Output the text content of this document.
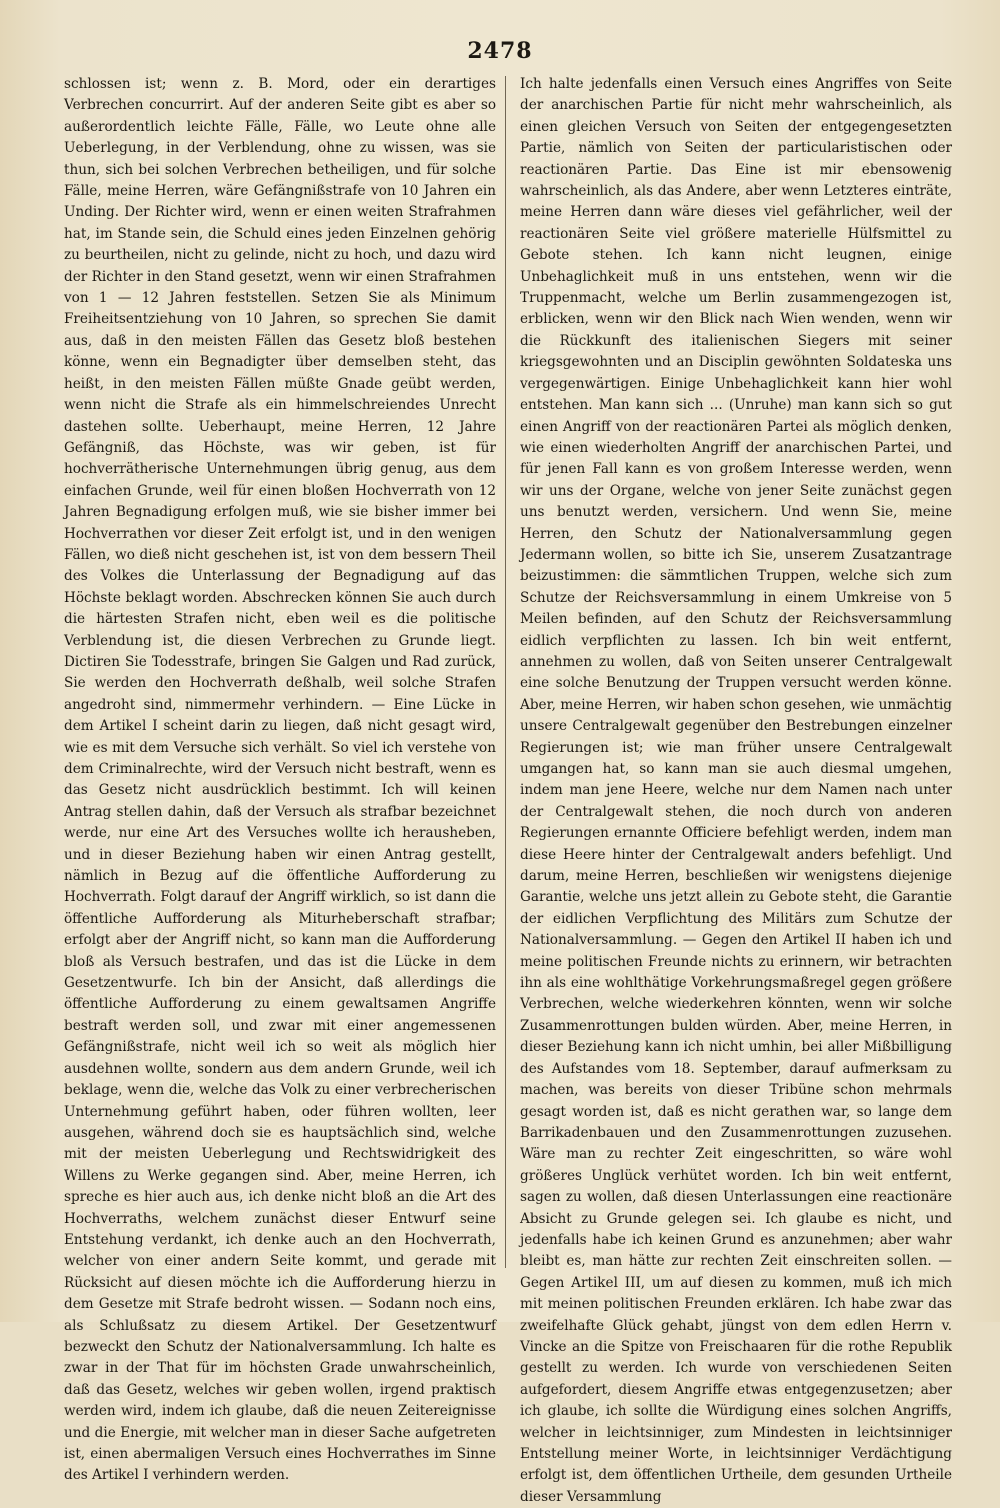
2478

schlossen ist; wenn z. B. Mord, oder ein derartiges Verbrechen concurrirt. Auf der anderen Seite gibt es aber so außerordentlich leichte Fälle, Fälle, wo Leute ohne alle Ueberlegung, in der Verblendung, ohne zu wissen, was sie thun, sich bei solchen Verbrechen betheiligen, und für solche Fälle, meine Herren, wäre Gefängnißstrafe von 10 Jahren ein Unding. Der Richter wird, wenn er einen weiten Strafrahmen hat, im Stande sein, die Schuld eines jeden Einzelnen gehörig zu beurtheilen, nicht zu gelinde, nicht zu hoch, und dazu wird der Richter in den Stand gesetzt, wenn wir einen Strafrahmen von 1 — 12 Jahren feststellen. Setzen Sie als Minimum Freiheitsentziehung von 10 Jahren, so sprechen Sie damit aus, daß in den meisten Fällen das Gesetz bloß bestehen könne, wenn ein Begnadigter über demselben steht, das heißt, in den meisten Fällen müßte Gnade geübt werden, wenn nicht die Strafe als ein himmelschreiendes Unrecht dastehen sollte. Ueberhaupt, meine Herren, 12 Jahre Gefängniß, das Höchste, was wir geben, ist für hochverrätherische Unternehmungen übrig genug, aus dem einfachen Grunde, weil für einen bloßen Hochverrath von 12 Jahren Begnadigung erfolgen muß, wie sie bisher immer bei Hochverrathen vor dieser Zeit erfolgt ist, und in den wenigen Fällen, wo dieß nicht geschehen ist, ist von dem bessern Theil des Volkes die Unterlassung der Begnadigung auf das Höchste beklagt worden. Abschrecken können Sie auch durch die härtesten Strafen nicht, eben weil es die politische Verblendung ist, die diesen Verbrechen zu Grunde liegt. Dictiren Sie Todesstrafe, bringen Sie Galgen und Rad zurück, Sie werden den Hochverrath deßhalb, weil solche Strafen angedroht sind, nimmermehr verhindern. — Eine Lücke in dem Artikel I scheint darin zu liegen, daß nicht gesagt wird, wie es mit dem Versuche sich verhält. So viel ich verstehe von dem Criminalrechte, wird der Versuch nicht bestraft, wenn es das Gesetz nicht ausdrücklich bestimmt. Ich will keinen Antrag stellen dahin, daß der Versuch als strafbar bezeichnet werde, nur eine Art des Versuches wollte ich herausheben, und in dieser Beziehung haben wir einen Antrag gestellt, nämlich in Bezug auf die öffentliche Aufforderung zu Hochverrath. Folgt darauf der Angriff wirklich, so ist dann die öffentliche Aufforderung als Miturheberschaft strafbar; erfolgt aber der Angriff nicht, so kann man die Aufforderung bloß als Versuch bestrafen, und das ist die Lücke in dem Gesetzentwurfe. Ich bin der Ansicht, daß allerdings die öffentliche Aufforderung zu einem gewaltsamen Angriffe bestraft werden soll, und zwar mit einer angemessenen Gefängnißstrafe, nicht weil ich so weit als möglich hier ausdehnen wollte, sondern aus dem andern Grunde, weil ich beklage, wenn die, welche das Volk zu einer verbrecherischen Unternehmung geführt haben, oder führen wollten, leer ausgehen, während doch sie es hauptsächlich sind, welche mit der meisten Ueberlegung und Rechtswidrigkeit des Willens zu Werke gegangen sind. Aber, meine Herren, ich spreche es hier auch aus, ich denke nicht bloß an die Art des Hochverraths, welchem zunächst dieser Entwurf seine Entstehung verdankt, ich denke auch an den Hochverrath, welcher von einer andern Seite kommt, und gerade mit Rücksicht auf diesen möchte ich die Aufforderung hierzu in dem Gesetze mit Strafe bedroht wissen. — Sodann noch eins, als Schlußsatz zu diesem Artikel. Der Gesetzentwurf bezweckt den Schutz der Nationalversammlung. Ich halte es zwar in der That für im höchsten Grade unwahrscheinlich, daß das Gesetz, welches wir geben wollen, irgend praktisch werden wird, indem ich glaube, daß die neuen Zeitereignisse und die Energie, mit welcher man in dieser Sache aufgetreten ist, einen abermaligen Versuch eines Hochverrathes im Sinne des Artikel I verhindern werden.

Ich halte jedenfalls einen Versuch eines Angriffes von Seite der anarchischen Partie für nicht mehr wahrscheinlich, als einen gleichen Versuch von Seiten der entgegengesetzten Partie, nämlich von Seiten der particularistischen oder reactionären Partie. Das Eine ist mir ebensowenig wahrscheinlich, als das Andere, aber wenn Letzteres einträte, meine Herren dann wäre dieses viel gefährlicher, weil der reactionären Seite viel größere materielle Hülfsmittel zu Gebote stehen. Ich kann nicht leugnen, einige Unbehaglichkeit muß in uns entstehen, wenn wir die Truppenmacht, welche um Berlin zusammengezogen ist, erblicken, wenn wir den Blick nach Wien wenden, wenn wir die Rückkunft des italienischen Siegers mit seiner kriegsgewohnten und an Disciplin gewöhnten Soldateska uns vergegenwärtigen. Einige Unbehaglichkeit kann hier wohl entstehen. Man kann sich ... (Unruhe) man kann sich so gut einen Angriff von der reactionären Partei als möglich denken, wie einen wiederholten Angriff der anarchischen Partei, und für jenen Fall kann es von großem Interesse werden, wenn wir uns der Organe, welche von jener Seite zunächst gegen uns benutzt werden, versichern. Und wenn Sie, meine Herren, den Schutz der Nationalversammlung gegen Jedermann wollen, so bitte ich Sie, unserem Zusatzantrage beizustimmen: die sämmtlichen Truppen, welche sich zum Schutze der Reichsversammlung in einem Umkreise von 5 Meilen befinden, auf den Schutz der Reichsversammlung eidlich verpflichten zu lassen. Ich bin weit entfernt, annehmen zu wollen, daß von Seiten unserer Centralgewalt eine solche Benutzung der Truppen versucht werden könne. Aber, meine Herren, wir haben schon gesehen, wie unmächtig unsere Centralgewalt gegenüber den Bestrebungen einzelner Regierungen ist; wie man früher unsere Centralgewalt umgangen hat, so kann man sie auch diesmal umgehen, indem man jene Heere, welche nur dem Namen nach unter der Centralgewalt stehen, die noch durch von anderen Regierungen ernannte Officiere befehligt werden, indem man diese Heere hinter der Centralgewalt anders befehligt. Und darum, meine Herren, beschließen wir wenigstens diejenige Garantie, welche uns jetzt allein zu Gebote steht, die Garantie der eidlichen Verpflichtung des Militärs zum Schutze der Nationalversammlung. — Gegen den Artikel II haben ich und meine politischen Freunde nichts zu erinnern, wir betrachten ihn als eine wohlthätige Vorkehrungsmaßregel gegen größere Verbrechen, welche wiederkehren könnten, wenn wir solche Zusammenrottungen bulden würden. Aber, meine Herren, in dieser Beziehung kann ich nicht umhin, bei aller Mißbilligung des Aufstandes vom 18. September, darauf aufmerksam zu machen, was bereits von dieser Tribüne schon mehrmals gesagt worden ist, daß es nicht gerathen war, so lange dem Barrikadenbauen und den Zusammenrottungen zuzusehen. Wäre man zu rechter Zeit eingeschritten, so wäre wohl größeres Unglück verhütet worden. Ich bin weit entfernt, sagen zu wollen, daß diesen Unterlassungen eine reactionäre Absicht zu Grunde gelegen sei. Ich glaube es nicht, und jedenfalls habe ich keinen Grund es anzunehmen; aber wahr bleibt es, man hätte zur rechten Zeit einschreiten sollen. — Gegen Artikel III, um auf diesen zu kommen, muß ich mich mit meinen politischen Freunden erklären. Ich habe zwar das zweifelhafte Glück gehabt, jüngst von dem edlen Herrn v. Vincke an die Spitze von Freischaaren für die rothe Republik gestellt zu werden. Ich wurde von verschiedenen Seiten aufgefordert, diesem Angriffe etwas entgegenzusetzen; aber ich glaube, ich sollte die Würdigung eines solchen Angriffs, welcher in leichtsinniger, zum Mindesten in leichtsinniger Entstellung meiner Worte, in leichtsinniger Verdächtigung erfolgt ist, dem öffentlichen Urtheile, dem gesunden Urtheile dieser Versammlung
